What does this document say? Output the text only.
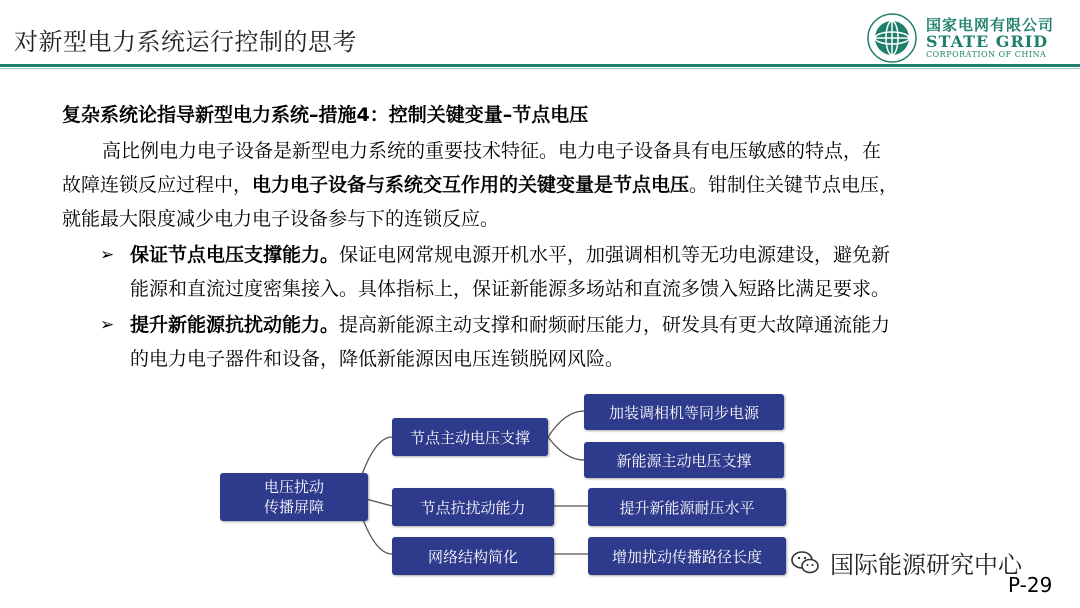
对新型电力系统运行控制的思考
国家电网有限公司
STATE GRID
CORPORATION OF CHINA
复杂系统论指导新型电力系统–措施4：控制关键变量–节点电压
高比例电力电子设备是新型电力系统的重要技术特征。电力电子设备具有电压敏感的特点，在
故障连锁反应过程中，电力电子设备与系统交互作用的关键变量是节点电压。钳制住关键节点电压，
就能最大限度减少电力电子设备参与下的连锁反应。
➢ 保证节点电压支撑能力。保证电网常规电源开机水平，加强调相机等无功电源建设，避免新
能源和直流过度密集接入。具体指标上，保证新能源多场站和直流多馈入短路比满足要求。
➢ 提升新能源抗扰动能力。提高新能源主动支撑和耐频耐压能力，研发具有更大故障通流能力
的电力电子器件和设备，降低新能源因电压连锁脱网风险。
电压扰动
传播屏障
节点主动电压支撑
节点抗扰动能力
网络结构简化
加装调相机等同步电源
新能源主动电压支撑
提升新能源耐压水平
增加扰动传播路径长度	国际能源研究中心
P-29
